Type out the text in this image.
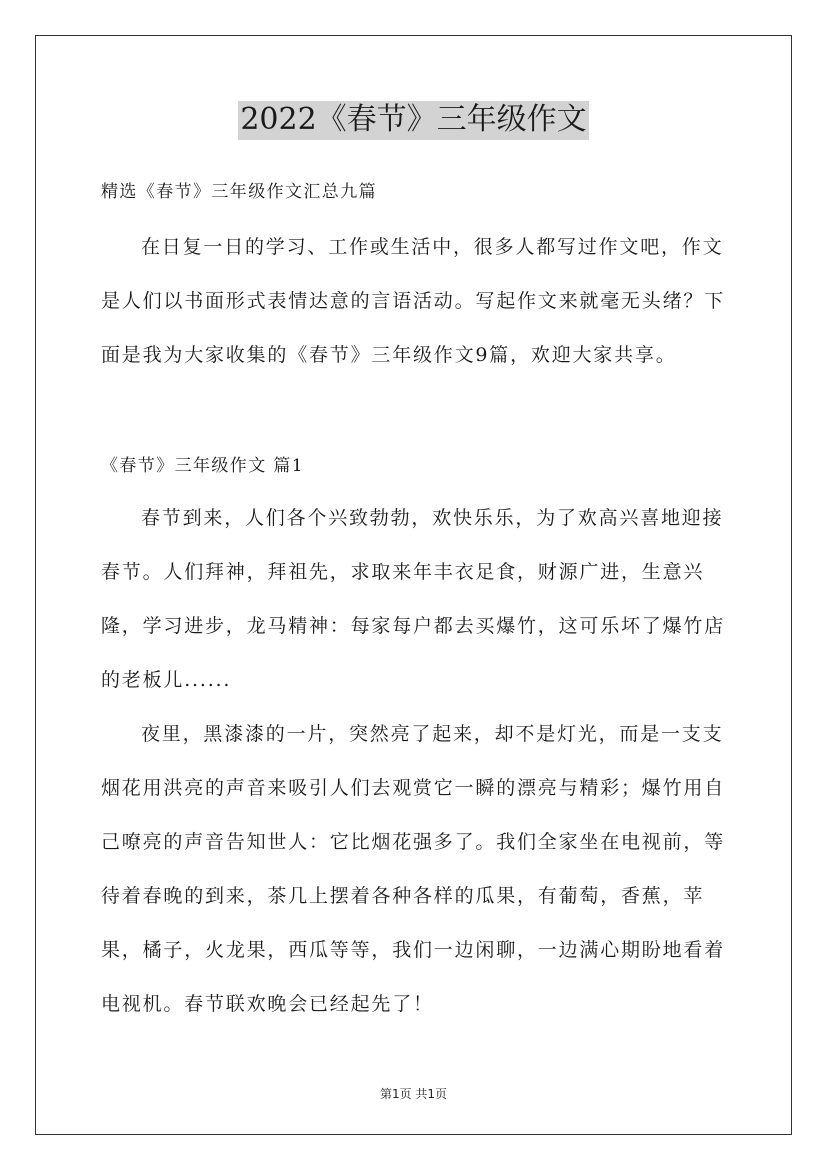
2022《春节》三年级作文

精选《春节》三年级作文汇总九篇

在日复一日的学习、工作或生活中，很多人都写过作文吧，作文是人们以书面形式表情达意的言语活动。写起作文来就毫无头绪？下面是我为大家收集的《春节》三年级作文9篇，欢迎大家共享。

《春节》三年级作文 篇1

春节到来，人们各个兴致勃勃，欢快乐乐，为了欢高兴喜地迎接春节。人们拜神，拜祖先，求取来年丰衣足食，财源广进，生意兴隆，学习进步，龙马精神：每家每户都去买爆竹，这可乐坏了爆竹店的老板儿......

夜里，黑漆漆的一片，突然亮了起来，却不是灯光，而是一支支烟花用洪亮的声音来吸引人们去观赏它一瞬的漂亮与精彩；爆竹用自己嘹亮的声音告知世人：它比烟花强多了。我们全家坐在电视前，等待着春晚的到来，茶几上摆着各种各样的瓜果，有葡萄，香蕉，苹果，橘子，火龙果，西瓜等等，我们一边闲聊，一边满心期盼地看着电视机。春节联欢晚会已经起先了！

第1页 共1页
